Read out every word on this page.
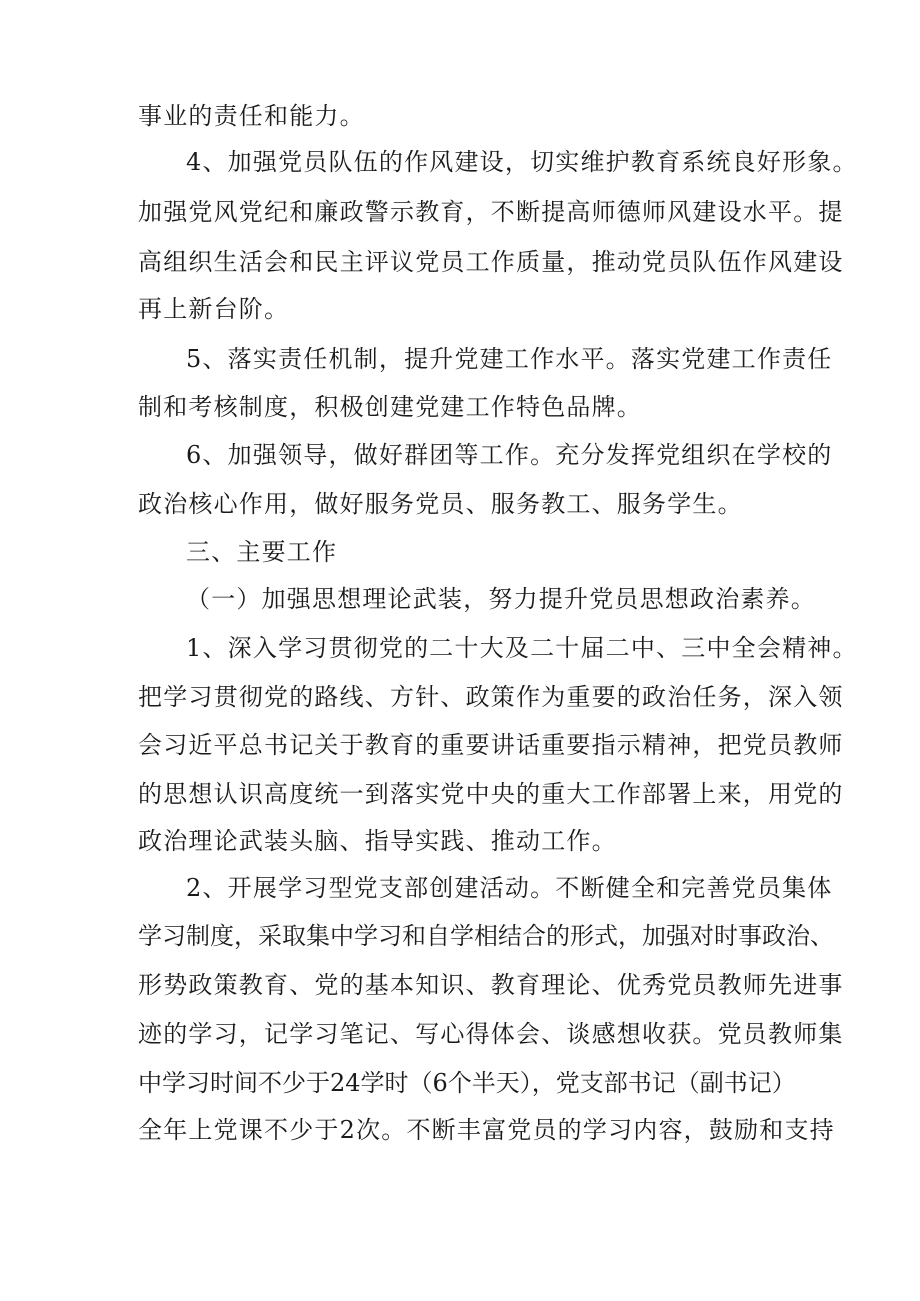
事业的责任和能力。
4、加强党员队伍的作风建设，切实维护教育系统良好形象。
加强党风党纪和廉政警示教育，不断提高师德师风建设水平。提
高组织生活会和民主评议党员工作质量，推动党员队伍作风建设
再上新台阶。
5、落实责任机制，提升党建工作水平。落实党建工作责任
制和考核制度，积极创建党建工作特色品牌。
6、加强领导，做好群团等工作。充分发挥党组织在学校的
政治核心作用，做好服务党员、服务教工、服务学生。
三、主要工作
（一）加强思想理论武装，努力提升党员思想政治素养。
1、深入学习贯彻党的二十大及二十届二中、三中全会精神。
把学习贯彻党的路线、方针、政策作为重要的政治任务，深入领
会习近平总书记关于教育的重要讲话重要指示精神，把党员教师
的思想认识高度统一到落实党中央的重大工作部署上来，用党的
政治理论武装头脑、指导实践、推动工作。
2、开展学习型党支部创建活动。不断健全和完善党员集体
学习制度，采取集中学习和自学相结合的形式，加强对时事政治、
形势政策教育、党的基本知识、教育理论、优秀党员教师先进事
迹的学习，记学习笔记、写心得体会、谈感想收获。党员教师集
中学习时间不少于24学时（6个半天），党支部书记（副书记）
全年上党课不少于2次。不断丰富党员的学习内容，鼓励和支持
